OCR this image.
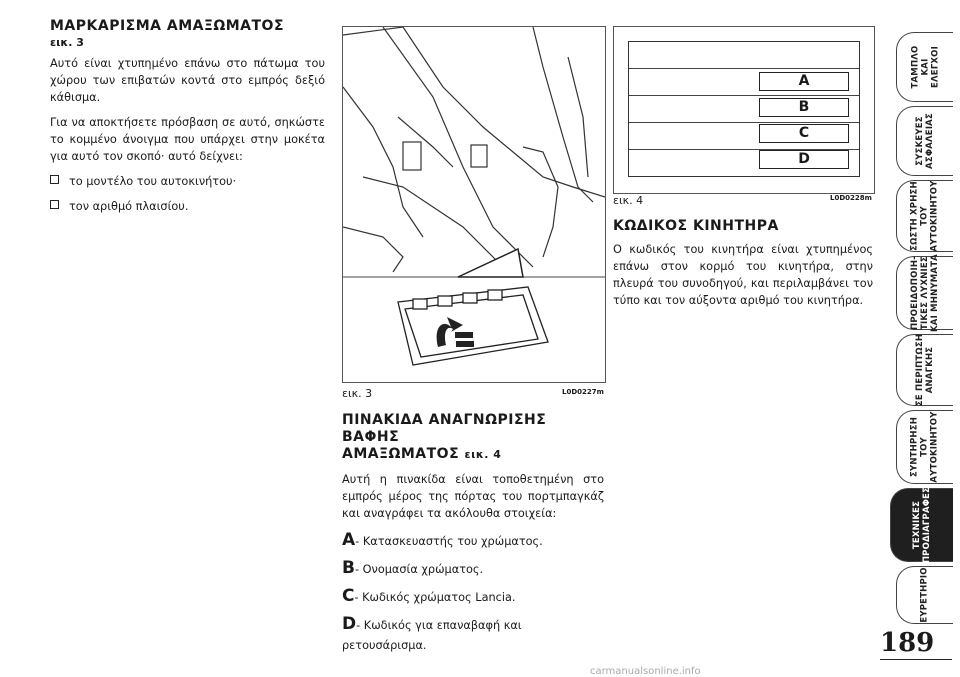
ΜΑΡΚΑΡΙΣΜΑ ΑΜΑΞΩΜΑΤΟΣ
εικ. 3

Αυτό είναι χτυπημένο επάνω στο πάτωμα του χώρου των επιβατών κοντά στο εμπρός δεξιό κάθισμα.

Για να αποκτήσετε πρόσβαση σε αυτό, σηκώστε το κομμένο άνοιγμα που υπάρχει στην μοκέτα για αυτό τον σκοπό· αυτό δείχνει:

το μοντέλο του αυτοκινήτου·
τον αριθμό πλαισίου.
εικ. 3	L0D0227m
ΠΙΝΑΚΙΔΑ ΑΝΑΓΝΩΡΙΣΗΣ ΒΑΦΗΣ
ΑΜΑΞΩΜΑΤΟΣ εικ. 4

Αυτή η πινακίδα είναι τοποθετημένη στο εμπρός μέρος της πόρτας του πορτμπαγκάζ και αναγράφει τα ακόλουθα στοιχεία:

A- Κατασκευαστής του χρώματος.
B- Ονομασία χρώματος.
C- Κωδικός χρώματος Lancia.
D- Κωδικός για επαναβαφή και ρετουσάρισμα.
A
B
C
D
εικ. 4	L0D0228m
ΚΩΔΙΚΟΣ ΚΙΝΗΤΗΡΑ

Ο κωδικός του κινητήρα είναι χτυπημένος επάνω στον κορμό του κινητήρα, στην πλευρά του συνοδηγού, και περιλαμβάνει τον τύπο και τον αύξοντα αριθμό του κινητήρα.

ΤΑΜΠΛΟ
ΚΑΙ
ΕΛΕΓΧΟΙ
ΣΥΣΚΕΥΕΣ
ΑΣΦΑΛΕΙΑΣ
ΣΩΣΤΗ ΧΡΗΣΗ
ΤΟΥ
ΑΥΤΟΚΙΝΗΤΟΥ
ΠΡΟΕΙΔΟΠΟΙΗ-
ΤΙΚΕΣ ΛΥΧΝΙΕΣ
ΚΑΙ ΜΗΝΥΜΑΤΑ
ΣΕ ΠΕΡΙΠΤΩΣΗ
ΑΝΑΓΚΗΣ
ΣΥΝΤΗΡΗΣΗ
ΤΟΥ
ΑΥΤΟΚΙΝΗΤΟΥ
ΤΕΧΝΙΚΕΣ
ΠΡΟΔΙΑΓΡΑΦΕΣ
ΕΥΡΕΤΗΡΙΟ
189
carmanualsonline.info
